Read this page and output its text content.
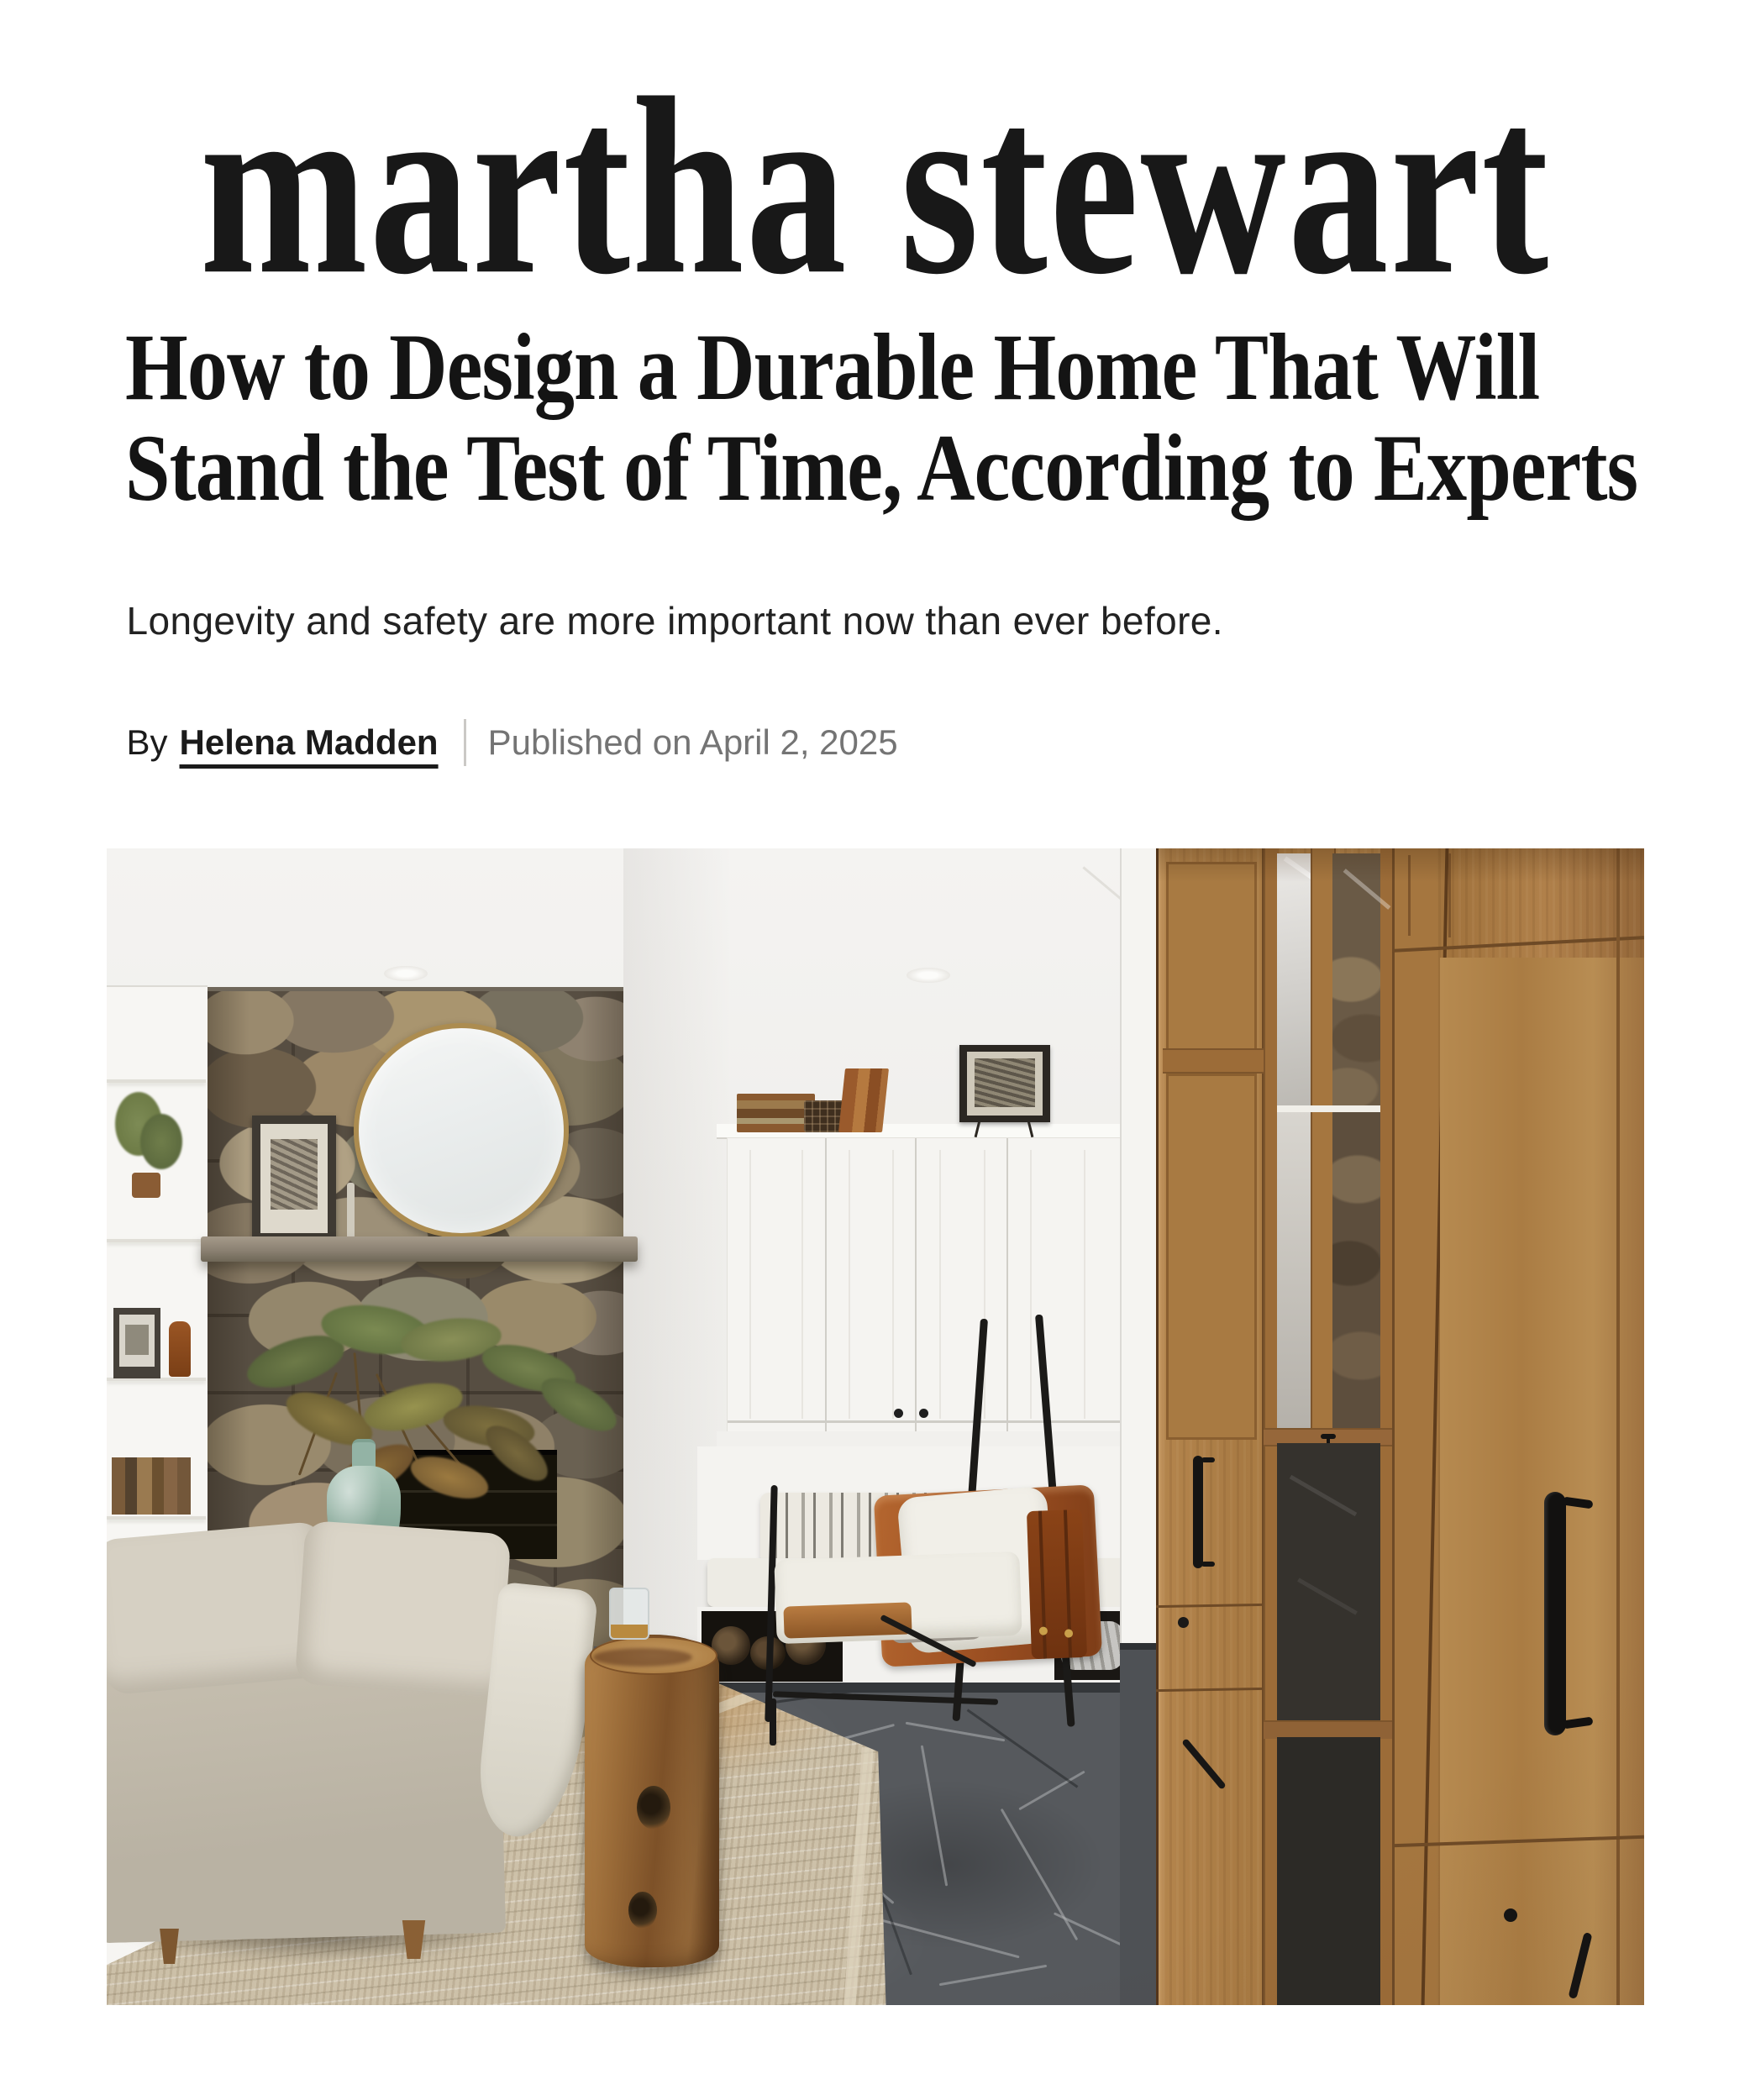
martha stewart
How to Design a Durable Home That Will
Stand the Test of Time, According to Experts

Longevity and safety are more important now than ever before.

By Helena Madden Published on April 2, 2025
